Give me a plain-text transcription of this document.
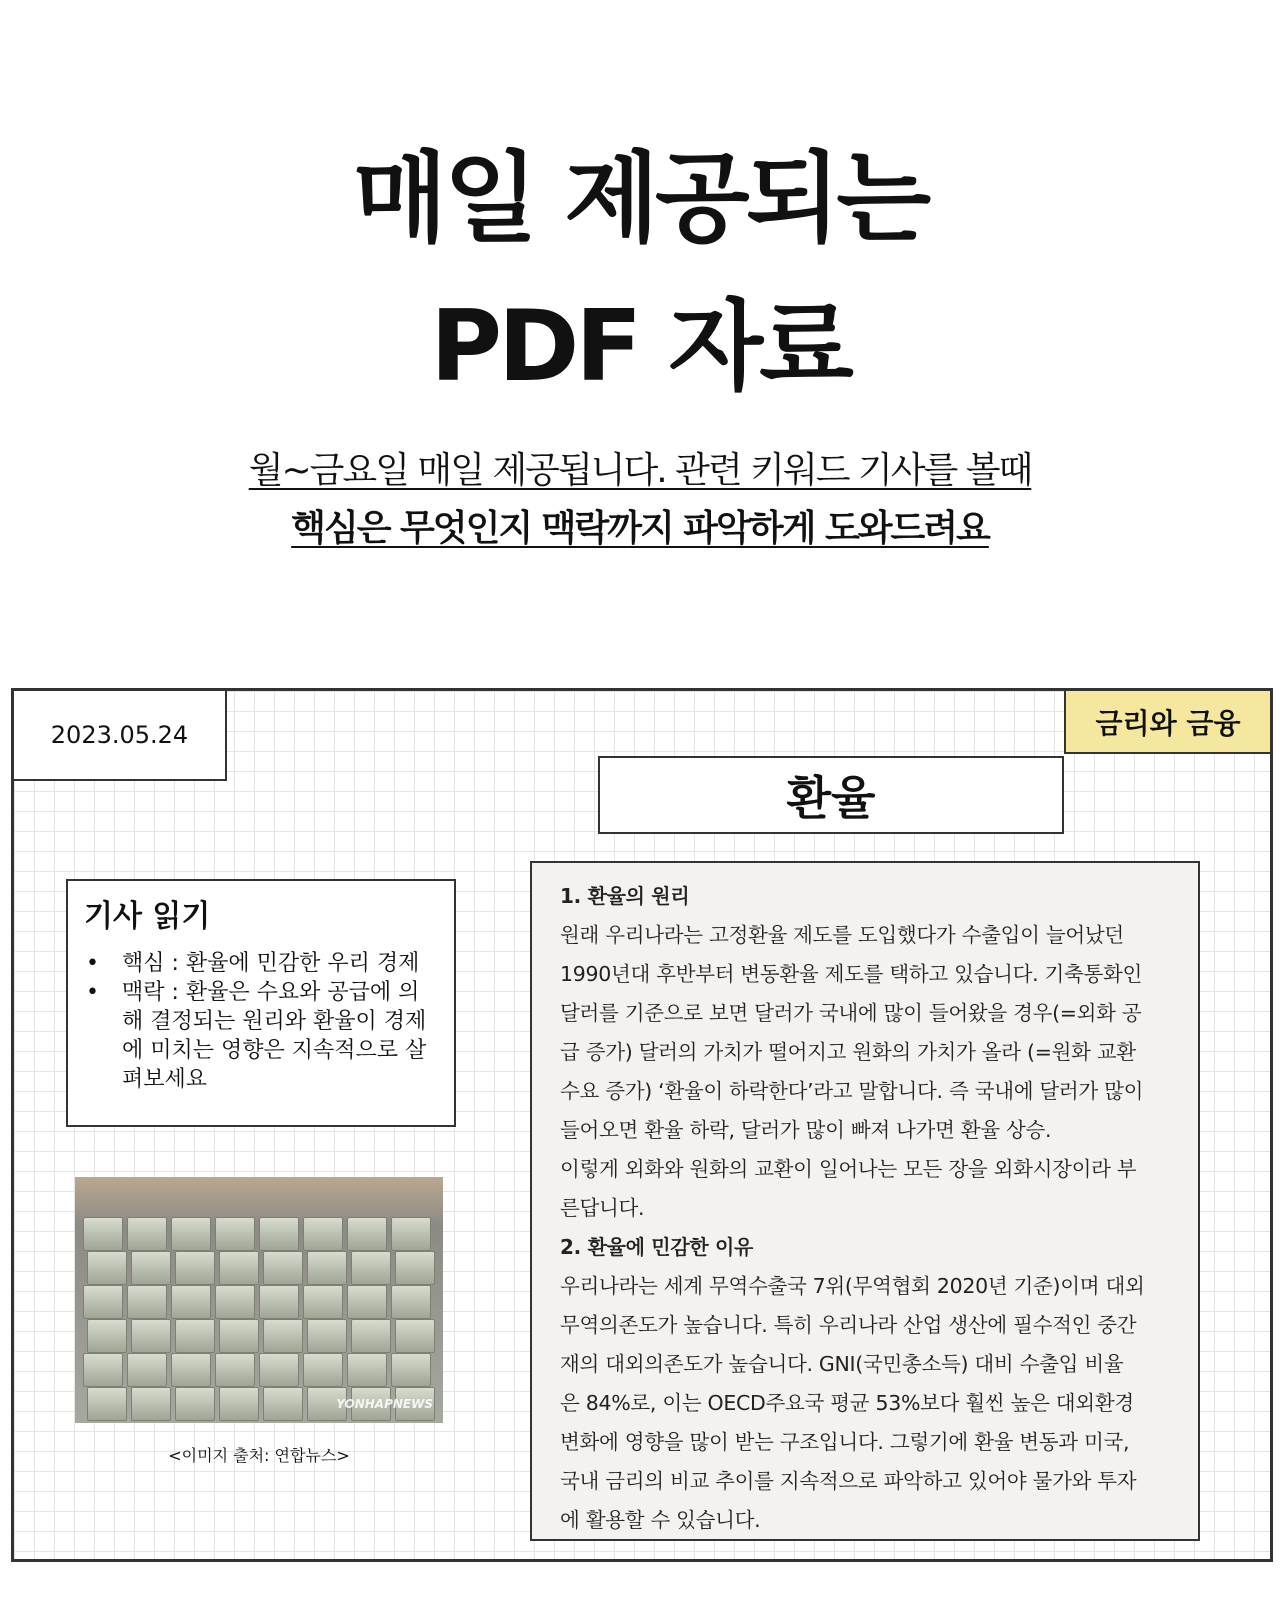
매일 제공되는
PDF 자료
월~금요일 매일 제공됩니다. 관련 키워드 기사를 볼때
핵심은 무엇인지 맥락까지 파악하게 도와드려요
2023.05.24	금리와 금융
환율
기사 읽기
• 핵심 : 환율에 민감한 우리 경제
• 맥락 : 환율은 수요와 공급에 의해 결정되는 원리와 환율이 경제에 미치는 영향은 지속적으로 살펴보세요
YONHAPNEWS
<이미지 출처: 연합뉴스>
1. 환율의 원리
원래 우리나라는 고정환율 제도를 도입했다가 수출입이 늘어났던
1990년대 후반부터 변동환율 제도를 택하고 있습니다. 기축통화인
달러를 기준으로 보면 달러가 국내에 많이 들어왔을 경우(=외화 공
급 증가) 달러의 가치가 떨어지고 원화의 가치가 올라 (=원화 교환
수요 증가) ‘환율이 하락한다’라고 말합니다. 즉 국내에 달러가 많이
들어오면 환율 하락, 달러가 많이 빠져 나가면 환율 상승.
이렇게 외화와 원화의 교환이 일어나는 모든 장을 외화시장이라 부
른답니다.
2. 환율에 민감한 이유
우리나라는 세계 무역수출국 7위(무역협회 2020년 기준)이며 대외
무역의존도가 높습니다. 특히 우리나라 산업 생산에 필수적인 중간
재의 대외의존도가 높습니다. GNI(국민총소득) 대비 수출입 비율
은 84%로, 이는 OECD주요국 평균 53%보다 훨씬 높은 대외환경
변화에 영향을 많이 받는 구조입니다. 그렇기에 환율 변동과 미국,
국내 금리의 비교 추이를 지속적으로 파악하고 있어야 물가와 투자
에 활용할 수 있습니다.
